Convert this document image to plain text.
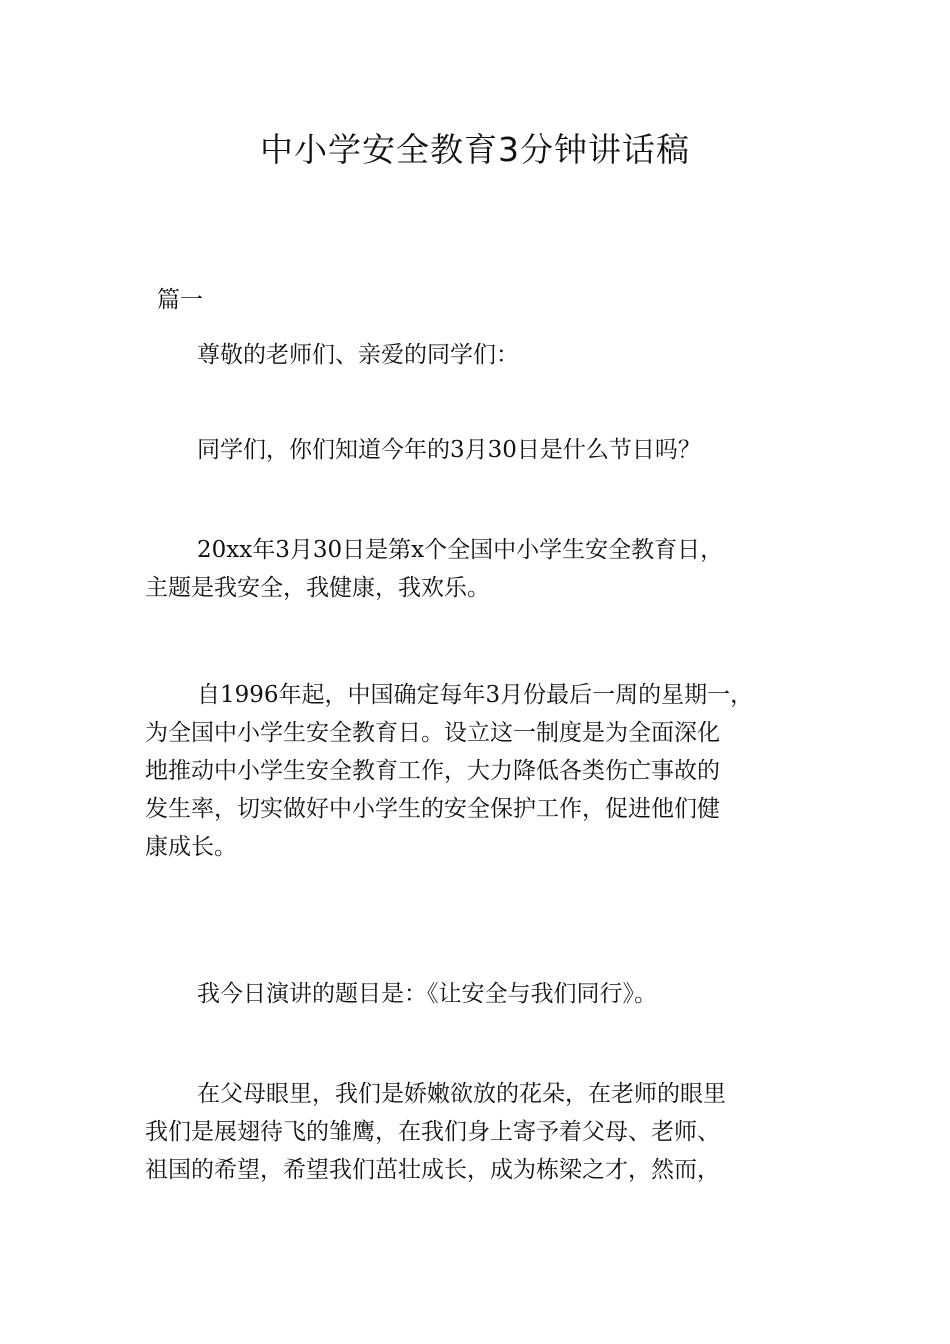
中小学安全教育3分钟讲话稿
篇一
尊敬的老师们、亲爱的同学们：
同学们，你们知道今年的3月30日是什么节日吗？
20xx年3月30日是第x个全国中小学生安全教育日，
主题是我安全，我健康，我欢乐。
自1996年起，中国确定每年3月份最后一周的星期一，
为全国中小学生安全教育日。设立这一制度是为全面深化
地推动中小学生安全教育工作，大力降低各类伤亡事故的
发生率，切实做好中小学生的安全保护工作，促进他们健
康成长。
我今日演讲的题目是：《让安全与我们同行》。
在父母眼里，我们是娇嫩欲放的花朵，在老师的眼里
我们是展翅待飞的雏鹰，在我们身上寄予着父母、老师、
祖国的希望，希望我们茁壮成长，成为栋梁之才，然而，
